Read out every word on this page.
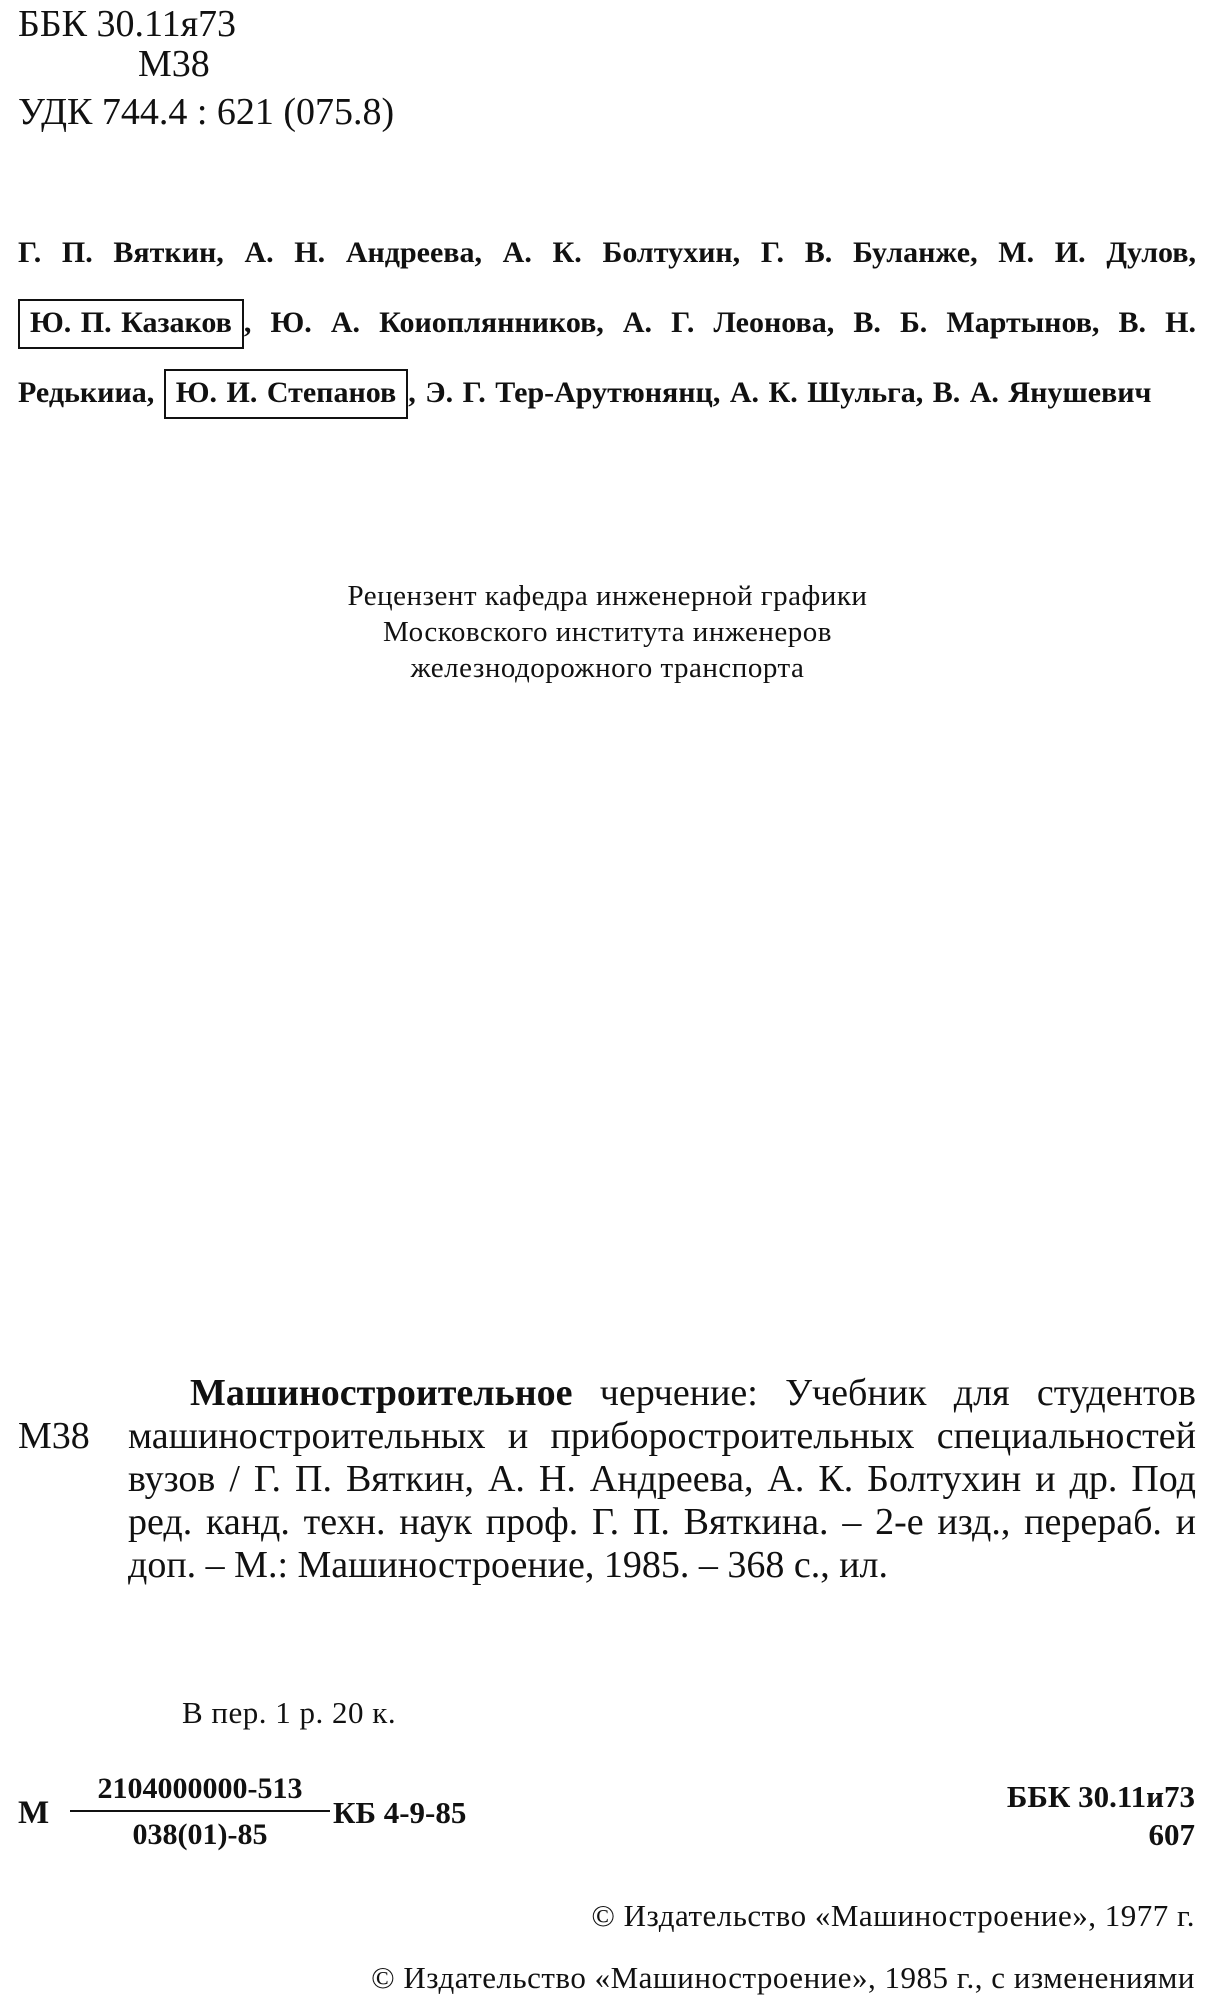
ББК 30.11я73
М38
УДК 744.4 : 621 (075.8)
Г. П. Вяткин, А. Н. Андреева, А. К. Болтухин, Г. В. Буланже, М. И. Дулов, Ю. П. Казаков , Ю. А. Коиоплянников, А. Г. Леонова, В. Б. Мартынов, В. Н. Редькииа, Ю. И. Степанов , Э. Г. Тер-Арутюнянц, А. К. Шульга, В. А. Янушевич
Рецензент кафедра инженерной графики
Московского института инженеров
железнодорожного транспорта
М38
Машиностроительное черчение: Учебник для студентов машиностроительных и приборостроительных специальностей вузов / Г. П. Вяткин, А. Н. Андреева, А. К. Болтухин и др. Под ред. канд. техн. наук проф. Г. П. Вяткина. – 2-е изд., перераб. и доп. – М.: Машиностроение, 1985. – 368 с., ил.
В пер. 1 р. 20 к.
М
2104000000-513
038(01)-85
КБ 4-9-85	ББК 30.11и73
607
© Издательство «Машиностроение», 1977 г.
© Издательство «Машиностроение», 1985 г., с изменениями
